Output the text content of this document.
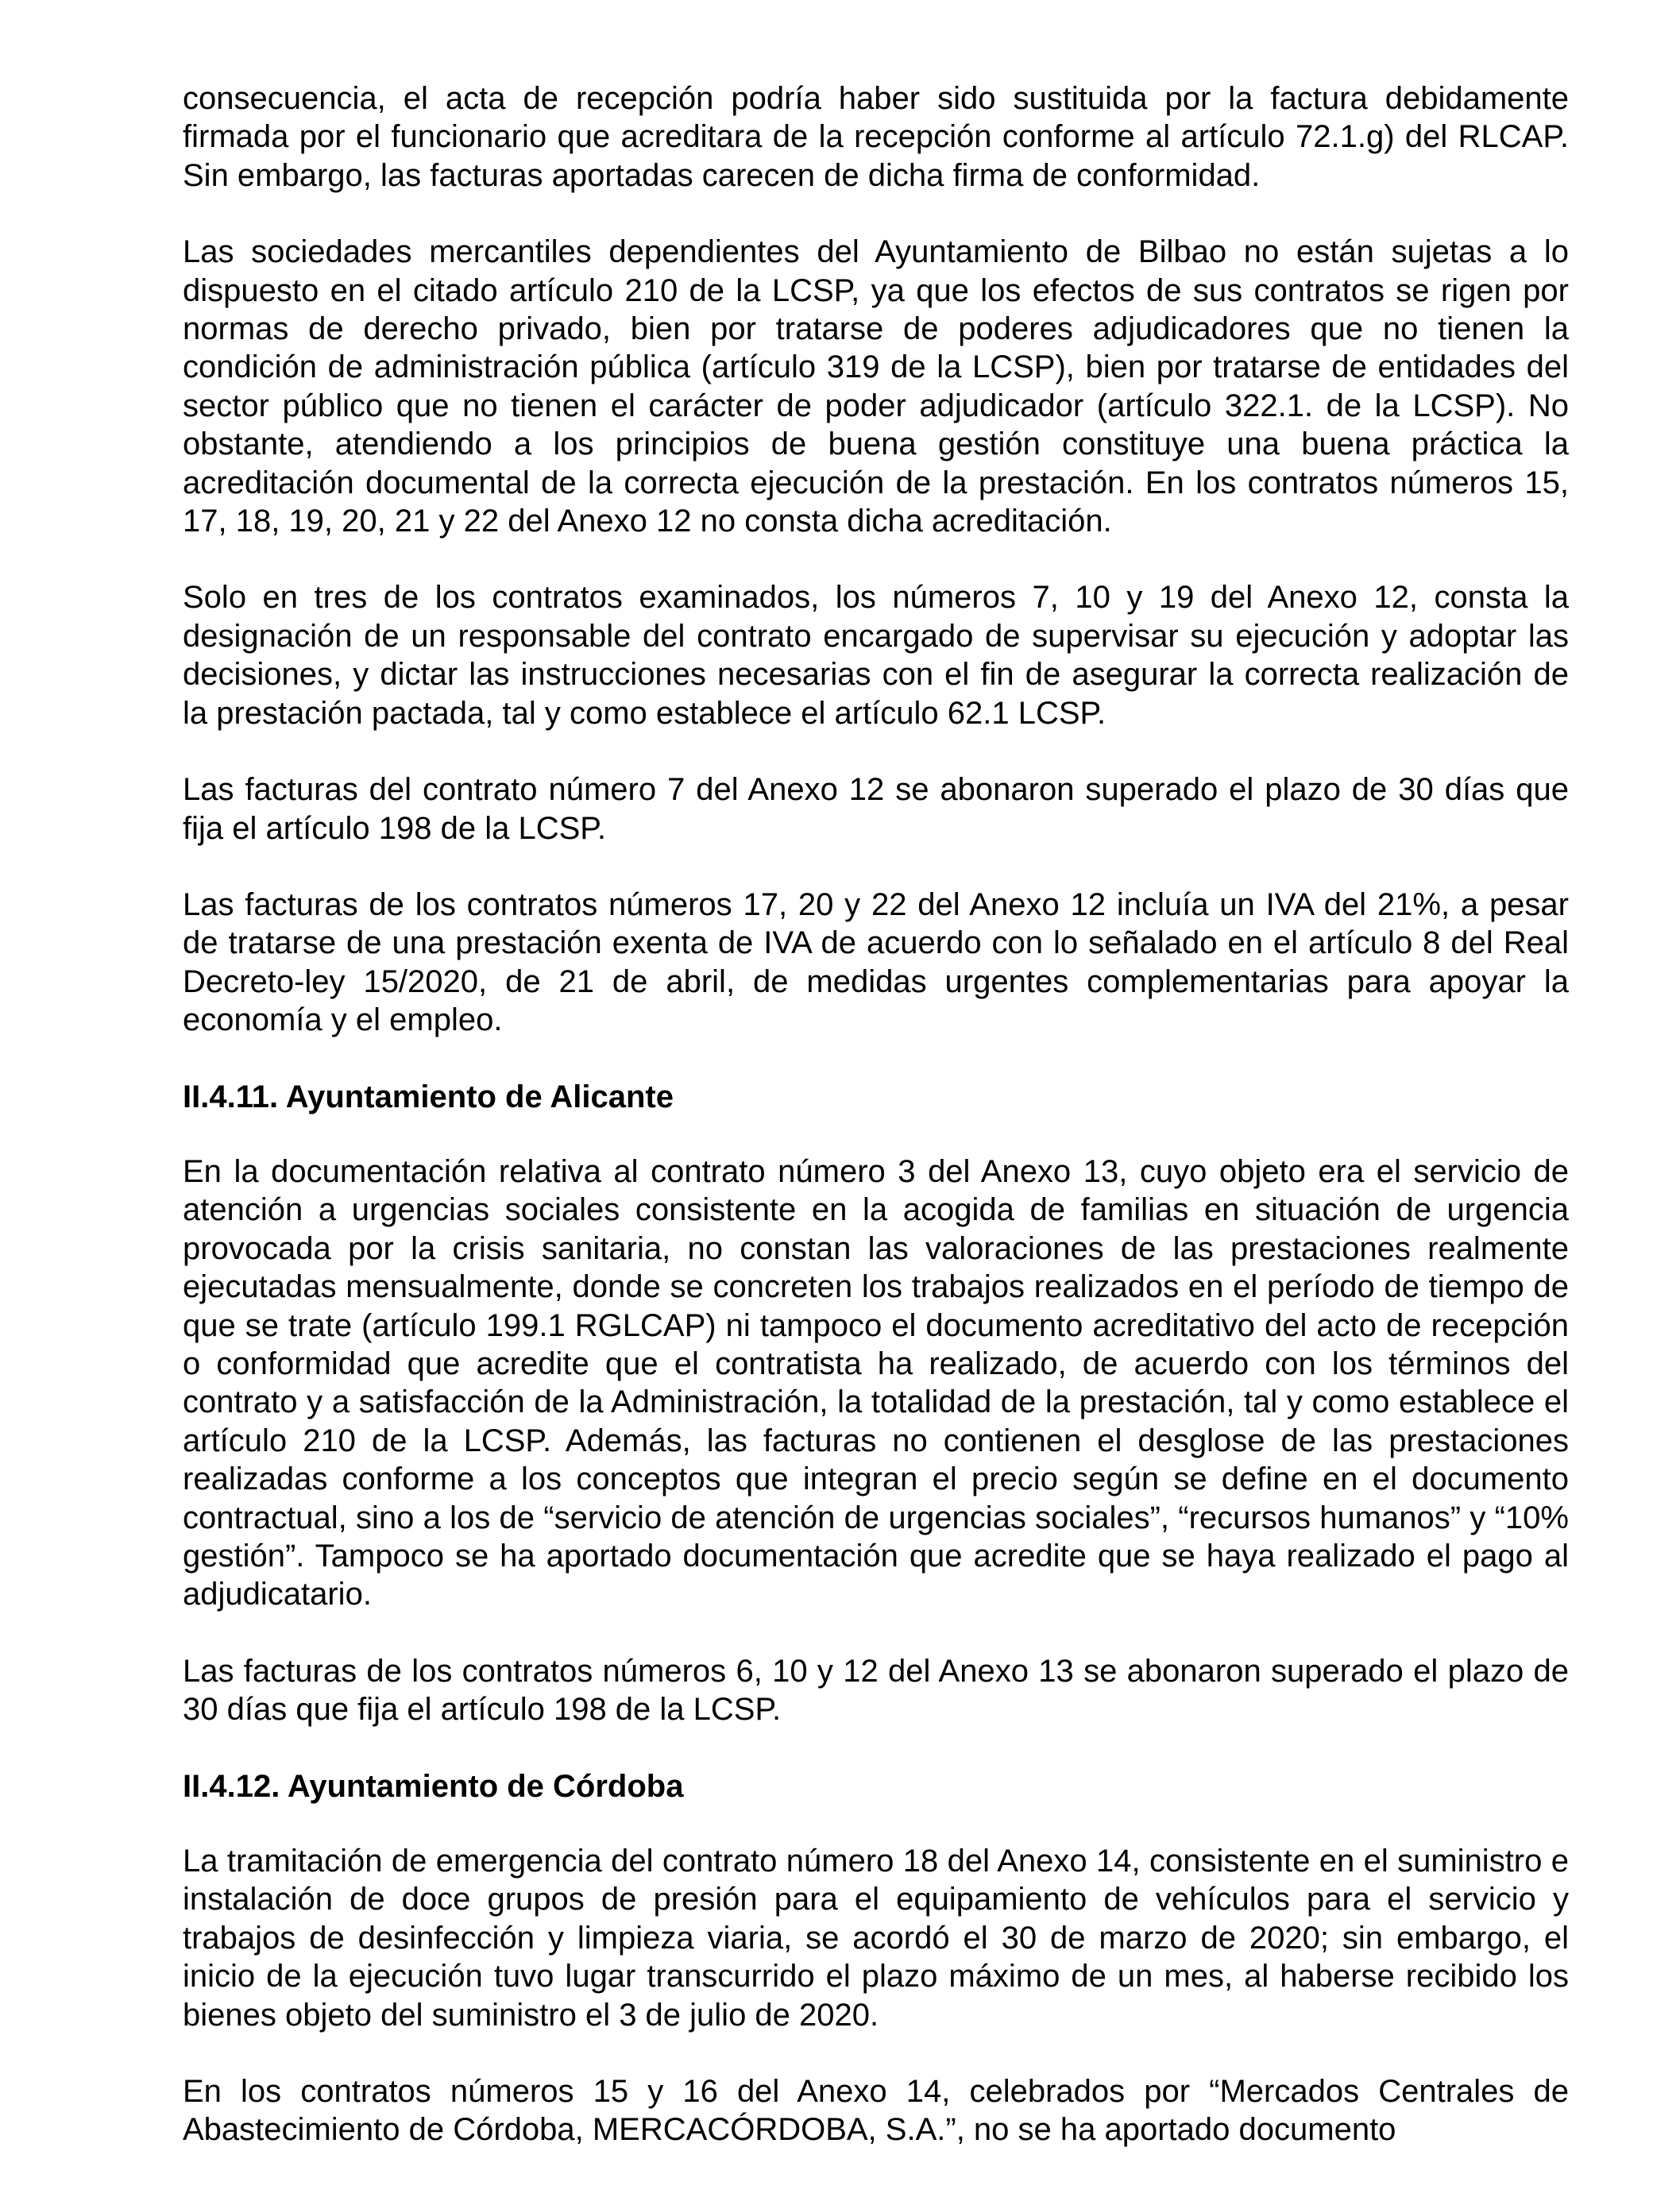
consecuencia, el acta de recepción podría haber sido sustituida por la factura debidamente firmada por el funcionario que acreditara de la recepción conforme al artículo 72.1.g) del RLCAP. Sin embargo, las facturas aportadas carecen de dicha firma de conformidad.

Las sociedades mercantiles dependientes del Ayuntamiento de Bilbao no están sujetas a lo dispuesto en el citado artículo 210 de la LCSP, ya que los efectos de sus contratos se rigen por normas de derecho privado, bien por tratarse de poderes adjudicadores que no tienen la condición de administración pública (artículo 319 de la LCSP), bien por tratarse de entidades del sector público que no tienen el carácter de poder adjudicador (artículo 322.1. de la LCSP). No obstante, atendiendo a los principios de buena gestión constituye una buena práctica la acreditación documental de la correcta ejecución de la prestación. En los contratos números 15, 17, 18, 19, 20, 21 y 22 del Anexo 12 no consta dicha acreditación.

Solo en tres de los contratos examinados, los números 7, 10 y 19 del Anexo 12, consta la designación de un responsable del contrato encargado de supervisar su ejecución y adoptar las decisiones, y dictar las instrucciones necesarias con el fin de asegurar la correcta realización de la prestación pactada, tal y como establece el artículo 62.1 LCSP.

Las facturas del contrato número 7 del Anexo 12 se abonaron superado el plazo de 30 días que fija el artículo 198 de la LCSP.

Las facturas de los contratos números 17, 20 y 22 del Anexo 12 incluía un IVA del 21%, a pesar de tratarse de una prestación exenta de IVA de acuerdo con lo señalado en el artículo 8 del Real Decreto-ley 15/2020, de 21 de abril, de medidas urgentes complementarias para apoyar la economía y el empleo.

II.4.11. Ayuntamiento de Alicante

En la documentación relativa al contrato número 3 del Anexo 13, cuyo objeto era el servicio de atención a urgencias sociales consistente en la acogida de familias en situación de urgencia provocada por la crisis sanitaria, no constan las valoraciones de las prestaciones realmente ejecutadas mensualmente, donde se concreten los trabajos realizados en el período de tiempo de que se trate (artículo 199.1 RGLCAP) ni tampoco el documento acreditativo del acto de recepción o conformidad que acredite que el contratista ha realizado, de acuerdo con los términos del contrato y a satisfacción de la Administración, la totalidad de la prestación, tal y como establece el artículo 210 de la LCSP. Además, las facturas no contienen el desglose de las prestaciones realizadas conforme a los conceptos que integran el precio según se define en el documento contractual, sino a los de “servicio de atención de urgencias sociales”, “recursos humanos” y “10% gestión”. Tampoco se ha aportado documentación que acredite que se haya realizado el pago al adjudicatario.

Las facturas de los contratos números 6, 10 y 12 del Anexo 13 se abonaron superado el plazo de 30 días que fija el artículo 198 de la LCSP.

II.4.12. Ayuntamiento de Córdoba

La tramitación de emergencia del contrato número 18 del Anexo 14, consistente en el suministro e instalación de doce grupos de presión para el equipamiento de vehículos para el servicio y trabajos de desinfección y limpieza viaria, se acordó el 30 de marzo de 2020; sin embargo, el inicio de la ejecución tuvo lugar transcurrido el plazo máximo de un mes, al haberse recibido los bienes objeto del suministro el 3 de julio de 2020.

En los contratos números 15 y 16 del Anexo 14, celebrados por “Mercados Centrales de Abastecimiento de Córdoba, MERCACÓRDOBA, S.A.”, no se ha aportado documento
